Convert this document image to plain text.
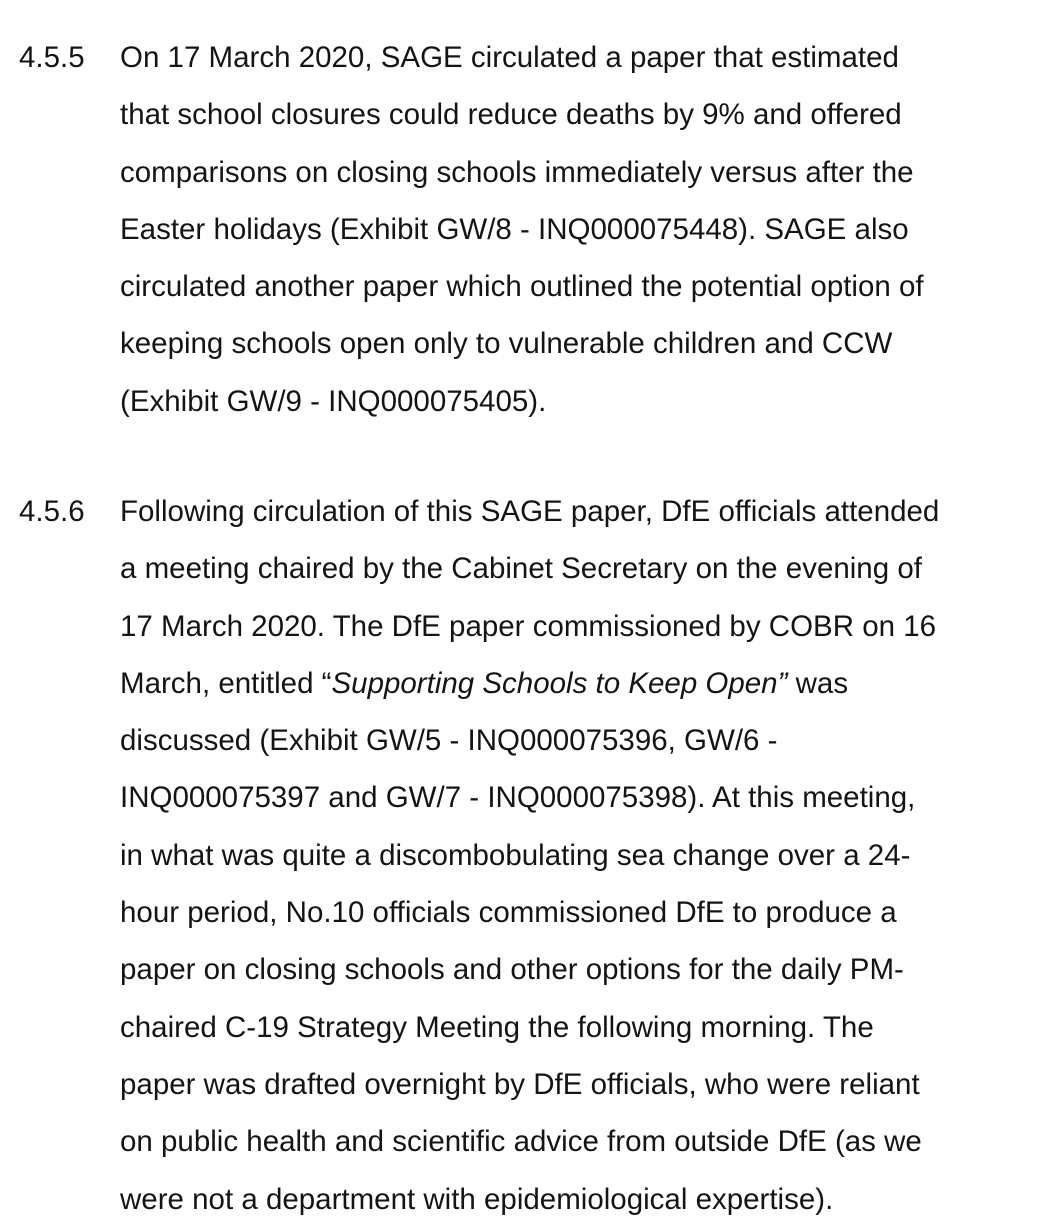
4.5.5 On 17 March 2020, SAGE circulated a paper that estimated
that school closures could reduce deaths by 9% and offered
comparisons on closing schools immediately versus after the
Easter holidays (Exhibit GW/8 - INQ000075448). SAGE also
circulated another paper which outlined the potential option of
keeping schools open only to vulnerable children and CCW
(Exhibit GW/9 - INQ000075405).
4.5.6 Following circulation of this SAGE paper, DfE officials attended
a meeting chaired by the Cabinet Secretary on the evening of
17 March 2020. The DfE paper commissioned by COBR on 16
March, entitled “Supporting Schools to Keep Open” was
discussed (Exhibit GW/5 - INQ000075396, GW/6 -
INQ000075397 and GW/7 - INQ000075398). At this meeting,
in what was quite a discombobulating sea change over a 24-
hour period, No.10 officials commissioned DfE to produce a
paper on closing schools and other options for the daily PM-
chaired C-19 Strategy Meeting the following morning. The
paper was drafted overnight by DfE officials, who were reliant
on public health and scientific advice from outside DfE (as we
were not a department with epidemiological expertise).
